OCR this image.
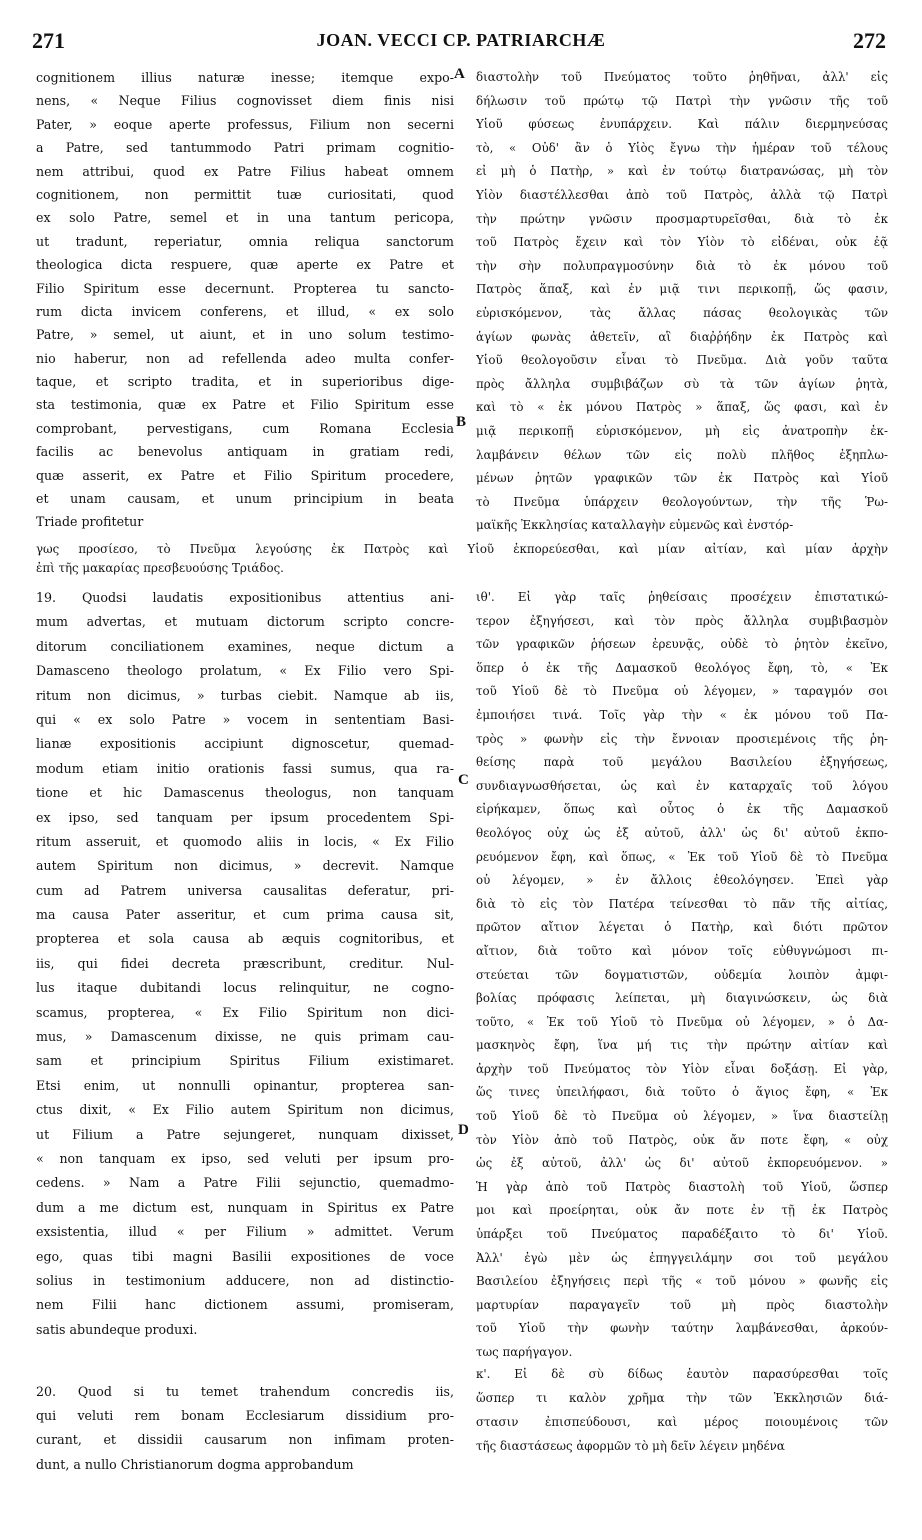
271	JOAN. VECCI CP. PATRIARCHÆ	272
A
B
C
D
cognitionem illius naturæ inesse; itemque expo-
nens, « Neque Filius cognovisset diem finis nisi
Pater, » eoque aperte professus, Filium non secerni
a Patre, sed tantummodo Patri primam cognitio-
nem attribui, quod ex Patre Filius habeat omnem
cognitionem, non permittit tuæ curiositati, quod
ex solo Patre, semel et in una tantum pericopa,
ut tradunt, reperiatur, omnia reliqua sanctorum
theologica dicta respuere, quæ aperte ex Patre et
Filio Spiritum esse decernunt. Propterea tu sancto-
rum dicta invicem conferens, et illud, « ex solo
Patre, » semel, ut aiunt, et in uno solum testimo-
nio haberur, non ad refellenda adeo multa confer-
taque, et scripto tradita, et in superioribus dige-
sta testimonia, quæ ex Patre et Filio Spiritum esse
comprobant, pervestigans, cum Romana Ecclesia
facilis ac benevolus antiquam in gratiam redi,
quæ asserit, ex Patre et Filio Spiritum procedere,
et unam causam, et unum principium in beata
Triade profitetur
διαστολὴν τοῦ Πνεύματος τοῦτο ῥηθῆναι, ἀλλ' εἰς
δήλωσιν τοῦ πρώτῳ τῷ Πατρὶ τὴν γνῶσιν τῆς τοῦ
Υἱοῦ φύσεως ἐνυπάρχειν. Καὶ πάλιν διερμηνεύσας
τὸ, « Οὐδ' ἂν ὁ Υἱὸς ἔγνω τὴν ἡμέραν τοῦ τέλους
εἰ μὴ ὁ Πατὴρ, » καὶ ἐν τούτῳ διατρανώσας, μὴ τὸν
Υἱὸν διαστέλλεσθαι ἀπὸ τοῦ Πατρὸς, ἀλλὰ τῷ Πατρὶ
τὴν πρώτην γνῶσιν προσμαρτυρεῖσθαι, διὰ τὸ ἐκ
τοῦ Πατρὸς ἔχειν καὶ τὸν Υἱὸν τὸ εἰδέναι, οὐκ ἐᾷ
τὴν σὴν πολυπραγμοσύνην διὰ τὸ ἐκ μόνου τοῦ
Πατρὸς ἅπαξ, καὶ ἐν μιᾷ τινι περικοπῇ, ὥς φασιν,
εὑρισκόμενον, τὰς ἄλλας πάσας θεολογικὰς τῶν
ἁγίων φωνὰς ἀθετεῖν, αἳ διαῤῥήδην ἐκ Πατρὸς καὶ
Υἱοῦ θεολογοῦσιν εἶναι τὸ Πνεῦμα. Διὰ γοῦν ταῦτα
πρὸς ἄλληλα συμβιβάζων σὺ τὰ τῶν ἁγίων ῥητὰ,
καὶ τὸ « ἐκ μόνου Πατρὸς » ἅπαξ, ὥς φασι, καὶ ἐν
μιᾷ περικοπῇ εὑρισκόμενον, μὴ εἰς ἀνατροπὴν ἐκ-
λαμβάνειν θέλων τῶν εἰς πολὺ πλῆθος ἐξηπλω-
μένων ῥητῶν γραφικῶν τῶν ἐκ Πατρὸς καὶ Υἱοῦ
τὸ Πνεῦμα ὑπάρχειν θεολογούντων, τὴν τῆς Ῥω-
μαϊκῆς Ἐκκλησίας καταλλαγὴν εὐμενῶς καὶ ἐνστόρ-
γως προσίεσο, τὸ Πνεῦμα λεγούσης ἐκ Πατρὸς καὶ Υἱοῦ ἐκπορεύεσθαι, καὶ μίαν αἰτίαν, καὶ μίαν ἀρχὴν
ἐπὶ τῆς μακαρίας πρεσβευούσης Τριάδος.
19. Quodsi laudatis expositionibus attentius ani-
mum advertas, et mutuam dictorum scripto concre-
ditorum conciliationem examines, neque dictum a
Damasceno theologo prolatum, « Ex Filio vero Spi-
ritum non dicimus, » turbas ciebit. Namque ab iis,
qui « ex solo Patre » vocem in sententiam Basi-
lianæ expositionis accipiunt dignoscetur, quemad-
modum etiam initio orationis fassi sumus, qua ra-
tione et hic Damascenus theologus, non tanquam
ex ipso, sed tanquam per ipsum procedentem Spi-
ritum asseruit, et quomodo aliis in locis, « Ex Filio
autem Spiritum non dicimus, » decrevit. Namque
cum ad Patrem universa causalitas deferatur, pri-
ma causa Pater asseritur, et cum prima causa sit,
propterea et sola causa ab æquis cognitoribus, et
iis, qui fidei decreta præscribunt, creditur. Nul-
lus itaque dubitandi locus relinquitur, ne cogno-
scamus, propterea, « Ex Filio Spiritum non dici-
mus, » Damascenum dixisse, ne quis primam cau-
sam et principium Spiritus Filium existimaret.
Etsi enim, ut nonnulli opinantur, propterea san-
ctus dixit, « Ex Filio autem Spiritum non dicimus,
ut Filium a Patre sejungeret, nunquam dixisset,
« non tanquam ex ipso, sed veluti per ipsum pro-
cedens. » Nam a Patre Filii sejunctio, quemadmo-
dum a me dictum est, nunquam in Spiritus ex Patre
exsistentia, illud « per Filium » admittet. Verum
ego, quas tibi magni Basilii expositiones de voce
solius in testimonium adducere, non ad distinctio-
nem Filii hanc dictionem assumi, promiseram,
satis abundeque produxi.
ιθ'. Εἰ γὰρ ταῖς ῥηθείσαις προσέχειν ἐπιστατικώ-
τερον ἐξηγήσεσι, καὶ τὸν πρὸς ἄλληλα συμβιβασμὸν
τῶν γραφικῶν ῥήσεων ἐρευνᾷς, οὐδὲ τὸ ῥητὸν ἐκεῖνο,
ὅπερ ὁ ἐκ τῆς Δαμασκοῦ θεολόγος ἔφη, τὸ, « Ἐκ
τοῦ Υἱοῦ δὲ τὸ Πνεῦμα οὐ λέγομεν, » ταραγμόν σοι
ἐμποιήσει τινά. Τοῖς γὰρ τὴν « ἐκ μόνου τοῦ Πα-
τρὸς » φωνὴν εἰς τὴν ἔννοιαν προσιεμένοις τῆς ῥη-
θείσης παρὰ τοῦ μεγάλου Βασιλείου ἐξηγήσεως,
συνδιαγνωσθήσεται, ὡς καὶ ἐν καταρχαῖς τοῦ λόγου
εἰρήκαμεν, ὅπως καὶ οὗτος ὁ ἐκ τῆς Δαμασκοῦ
θεολόγος οὐχ ὡς ἐξ αὐτοῦ, ἀλλ' ὡς δι' αὐτοῦ ἐκπο-
ρευόμενον ἔφη, καὶ ὅπως, « Ἐκ τοῦ Υἱοῦ δὲ τὸ Πνεῦμα
οὐ λέγομεν, » ἐν ἄλλοις ἐθεολόγησεν. Ἐπεὶ γὰρ
διὰ τὸ εἰς τὸν Πατέρα τείνεσθαι τὸ πᾶν τῆς αἰτίας,
πρῶτον αἴτιον λέγεται ὁ Πατὴρ, καὶ διότι πρῶτον
αἴτιον, διὰ τοῦτο καὶ μόνον τοῖς εὐθυγνώμοσι πι-
στεύεται τῶν δογματιστῶν, οὐδεμία λοιπὸν ἀμφι-
βολίας πρόφασις λείπεται, μὴ διαγινώσκειν, ὡς διὰ
τοῦτο, « Ἐκ τοῦ Υἱοῦ τὸ Πνεῦμα οὐ λέγομεν, » ὁ Δα-
μασκηνὸς ἔφη, ἵνα μή τις τὴν πρώτην αἰτίαν καὶ
ἀρχὴν τοῦ Πνεύματος τὸν Υἱὸν εἶναι δοξάσῃ. Εἰ γὰρ,
ὥς τινες ὑπειλήφασι, διὰ τοῦτο ὁ ἅγιος ἔφη, « Ἐκ
τοῦ Υἱοῦ δὲ τὸ Πνεῦμα οὐ λέγομεν, » ἵνα διαστείλῃ
τὸν Υἱὸν ἀπὸ τοῦ Πατρὸς, οὐκ ἄν ποτε ἔφη, « οὐχ
ὡς ἐξ αὐτοῦ, ἀλλ' ὡς δι' αὐτοῦ ἐκπορευόμενον. »
Ἡ γὰρ ἀπὸ τοῦ Πατρὸς διαστολὴ τοῦ Υἱοῦ, ὥσπερ
μοι καὶ προείρηται, οὐκ ἄν ποτε ἐν τῇ ἐκ Πατρὸς
ὑπάρξει τοῦ Πνεύματος παραδέξαιτο τὸ δι' Υἱοῦ.
Ἀλλ' ἐγὼ μὲν ὡς ἐπηγγειλάμην σοι τοῦ μεγάλου
Βασιλείου ἐξηγήσεις περὶ τῆς « τοῦ μόνου » φωνῆς εἰς
μαρτυρίαν παραγαγεῖν τοῦ μὴ πρὸς διαστολὴν
τοῦ Υἱοῦ τὴν φωνὴν ταύτην λαμβάνεσθαι, ἀρκούν-
τως παρήγαγον.
20. Quod si tu temet trahendum concredis iis,
qui veluti rem bonam Ecclesiarum dissidium pro-
curant, et dissidii causarum non infimam proten-
dunt, a nullo Christianorum dogma approbandum
κ'. Εἰ δὲ σὺ δίδως ἑαυτὸν παρασύρεσθαι τοῖς
ὥσπερ τι καλὸν χρῆμα τὴν τῶν Ἐκκλησιῶν διά-
στασιν ἐπισπεύδουσι, καὶ μέρος ποιουμένοις τῶν
τῆς διαστάσεως ἀφορμῶν τὸ μὴ δεῖν λέγειν μηδένα
